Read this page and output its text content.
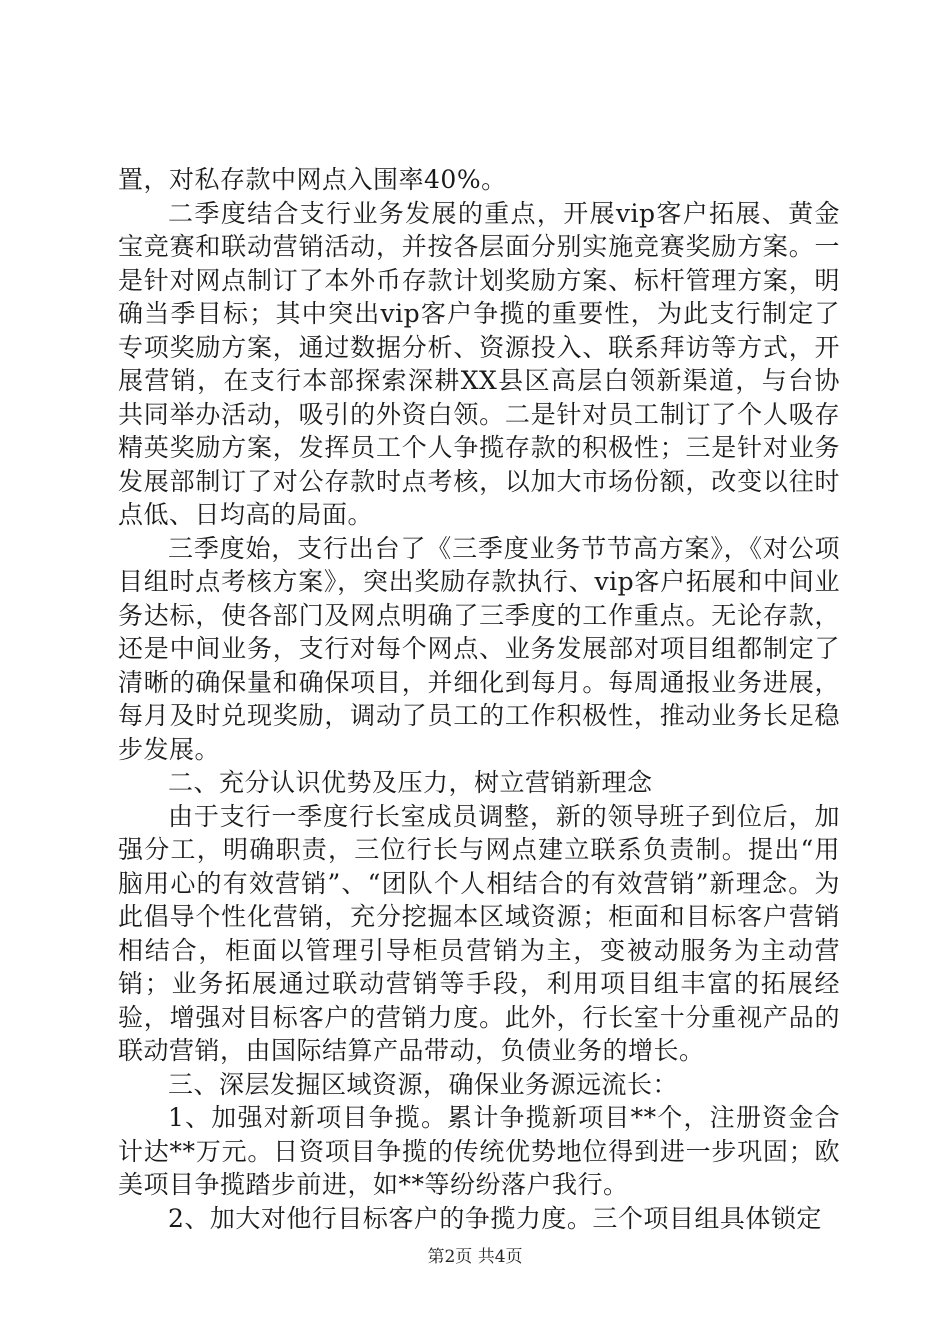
置，对私存款中网点入围率40%。

二季度结合支行业务发展的重点，开展vip客户拓展、黄金宝竞赛和联动营销活动，并按各层面分别实施竞赛奖励方案。一是针对网点制订了本外币存款计划奖励方案、标杆管理方案，明确当季目标；其中突出vip客户争揽的重要性，为此支行制定了专项奖励方案，通过数据分析、资源投入、联系拜访等方式，开展营销，在支行本部探索深耕XX县区高层白领新渠道，与台协共同举办活动，吸引的外资白领。二是针对员工制订了个人吸存精英奖励方案，发挥员工个人争揽存款的积极性；三是针对业务发展部制订了对公存款时点考核，以加大市场份额，改变以往时点低、日均高的局面。

三季度始，支行出台了《三季度业务节节高方案》，《对公项目组时点考核方案》，突出奖励存款执行、vip客户拓展和中间业务达标，使各部门及网点明确了三季度的工作重点。无论存款，还是中间业务，支行对每个网点、业务发展部对项目组都制定了清晰的确保量和确保项目，并细化到每月。每周通报业务进展，每月及时兑现奖励，调动了员工的工作积极性，推动业务长足稳步发展。

二、充分认识优势及压力，树立营销新理念

由于支行一季度行长室成员调整，新的领导班子到位后，加强分工，明确职责，三位行长与网点建立联系负责制。提出“用脑用心的有效营销”、“团队个人相结合的有效营销”新理念。为此倡导个性化营销，充分挖掘本区域资源；柜面和目标客户营销相结合，柜面以管理引导柜员营销为主，变被动服务为主动营销；业务拓展通过联动营销等手段，利用项目组丰富的拓展经验，增强对目标客户的营销力度。此外，行长室十分重视产品的联动营销，由国际结算产品带动，负债业务的增长。

三、深层发掘区域资源，确保业务源远流长：

1、加强对新项目争揽。累计争揽新项目**个，注册资金合计达**万元。日资项目争揽的传统优势地位得到进一步巩固；欧美项目争揽踏步前进，如**等纷纷落户我行。

2、加大对他行目标客户的争揽力度。三个项目组具体锁定

第2页 共4页
